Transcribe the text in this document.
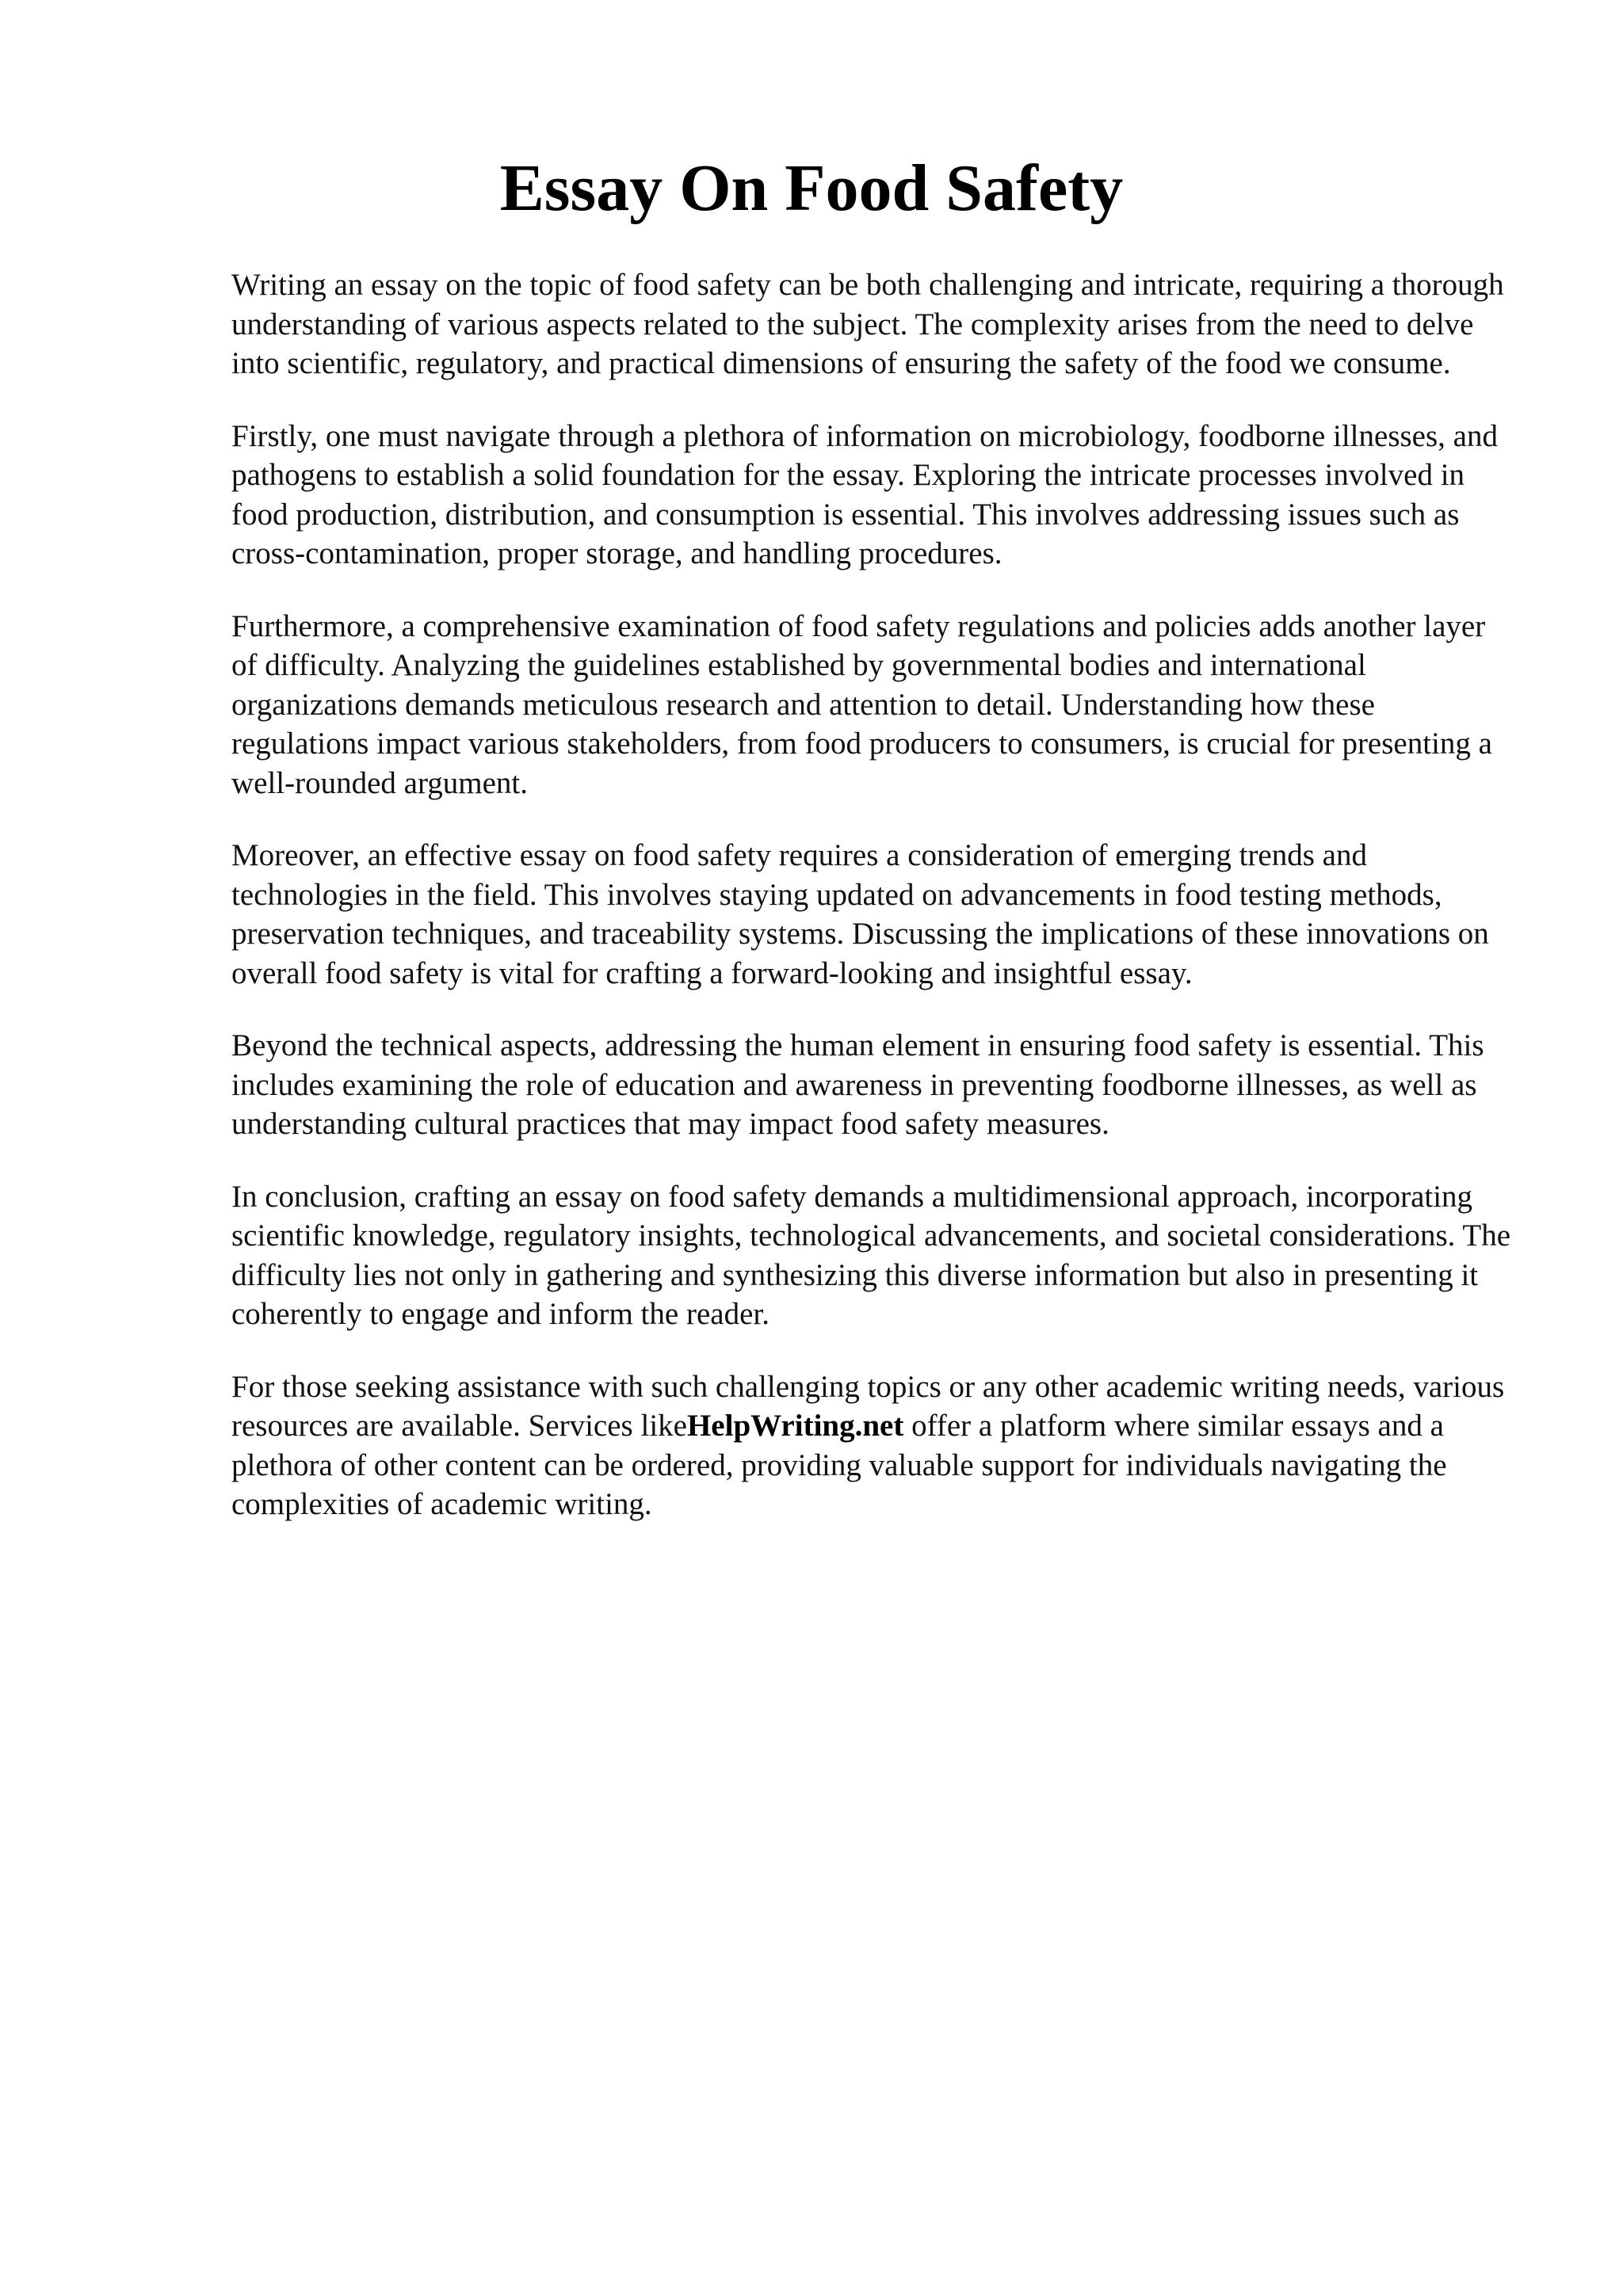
Essay On Food Safety

Writing an essay on the topic of food safety can be both challenging and intricate, requiring a thorough understanding of various aspects related to the subject. The complexity arises from the need to delve into scientific, regulatory, and practical dimensions of ensuring the safety of the food we consume.

Firstly, one must navigate through a plethora of information on microbiology, foodborne illnesses, and pathogens to establish a solid foundation for the essay. Exploring the intricate processes involved in food production, distribution, and consumption is essential. This involves addressing issues such as cross-contamination, proper storage, and handling procedures.

Furthermore, a comprehensive examination of food safety regulations and policies adds another layer of difficulty. Analyzing the guidelines established by governmental bodies and international organizations demands meticulous research and attention to detail. Understanding how these regulations impact various stakeholders, from food producers to consumers, is crucial for presenting a well-rounded argument.

Moreover, an effective essay on food safety requires a consideration of emerging trends and technologies in the field. This involves staying updated on advancements in food testing methods, preservation techniques, and traceability systems. Discussing the implications of these innovations on overall food safety is vital for crafting a forward-looking and insightful essay.

Beyond the technical aspects, addressing the human element in ensuring food safety is essential. This includes examining the role of education and awareness in preventing foodborne illnesses, as well as understanding cultural practices that may impact food safety measures.

In conclusion, crafting an essay on food safety demands a multidimensional approach, incorporating scientific knowledge, regulatory insights, technological advancements, and societal considerations. The difficulty lies not only in gathering and synthesizing this diverse information but also in presenting it coherently to engage and inform the reader.

For those seeking assistance with such challenging topics or any other academic writing needs, various resources are available. Services likeHelpWriting.net offer a platform where similar essays and a plethora of other content can be ordered, providing valuable support for individuals navigating the complexities of academic writing.
